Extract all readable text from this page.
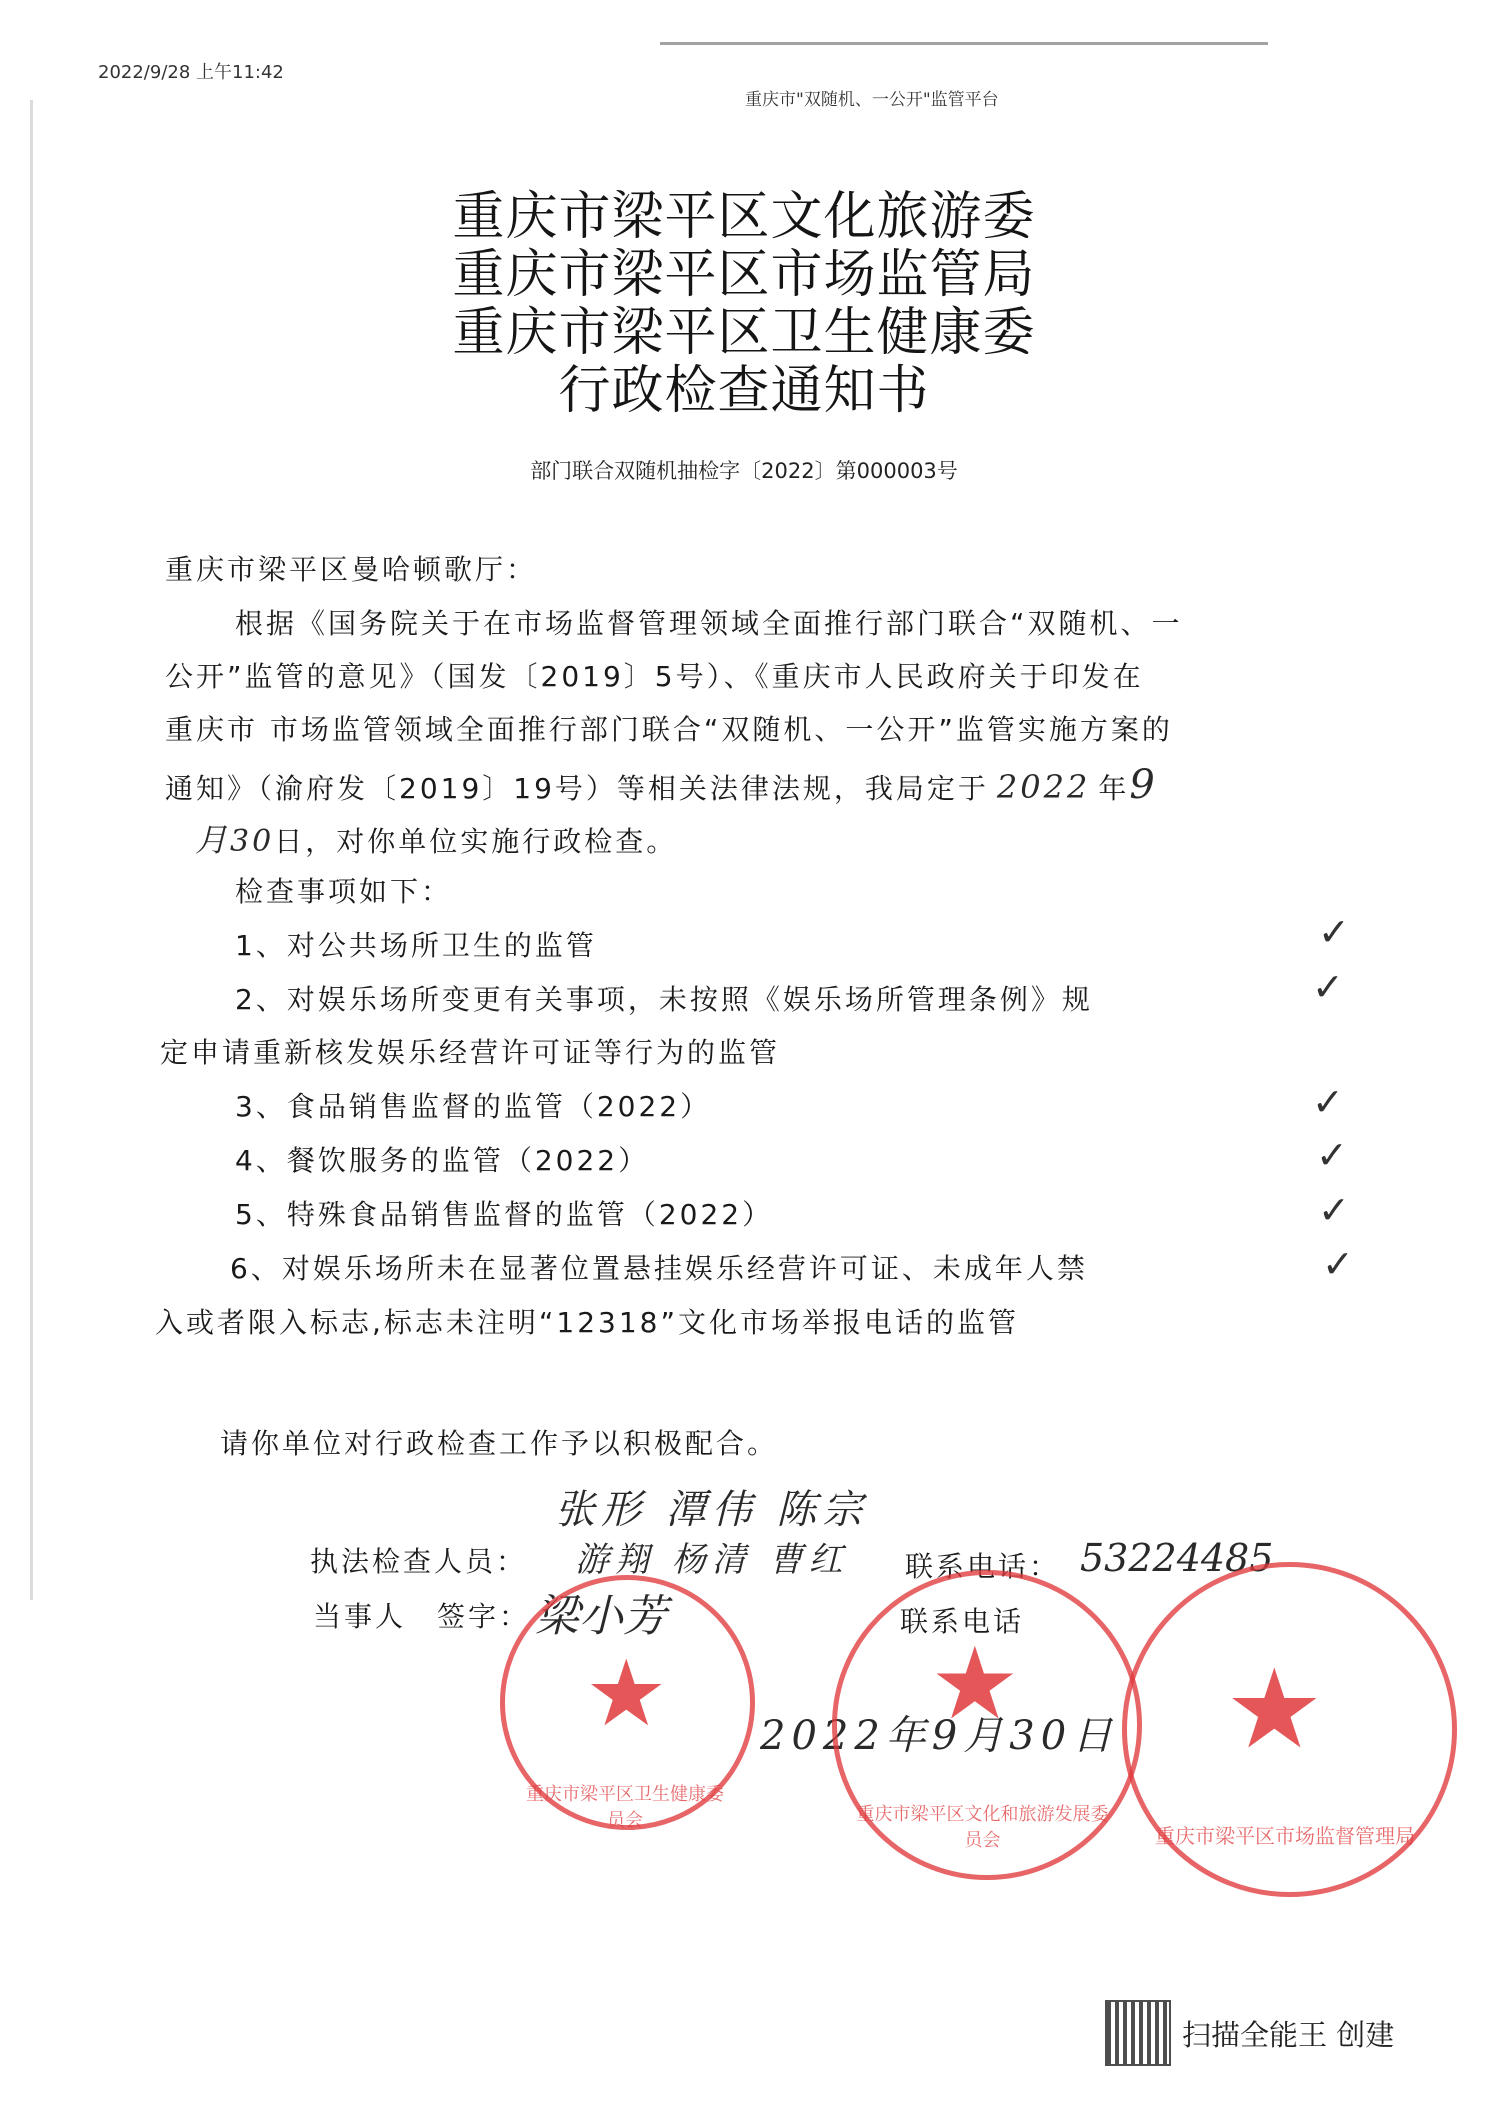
2022/9/28 上午11:42
重庆市"双随机、一公开"监管平台
重庆市梁平区文化旅游委
重庆市梁平区市场监管局
重庆市梁平区卫生健康委
行政检查通知书
部门联合双随机抽检字〔2022〕第000003号
重庆市梁平区曼哈顿歌厅：
根据《国务院关于在市场监督管理领域全面推行部门联合“双随机、一
公开”监管的意见》（国发〔2019〕5号）、《重庆市人民政府关于印发在
重庆市 市场监管领域全面推行部门联合“双随机、一公开”监管实施方案的
通知》（渝府发〔2019〕19号）等相关法律法规，我局定于 2022 年9
月30日，对你单位实施行政检查。
检查事项如下：
1、对公共场所卫生的监管
2、对娱乐场所变更有关事项，未按照《娱乐场所管理条例》规
定申请重新核发娱乐经营许可证等行为的监管
3、食品销售监督的监管（2022）
4、餐饮服务的监管（2022）
5、特殊食品销售监督的监管（2022）
6、对娱乐场所未在显著位置悬挂娱乐经营许可证、未成年人禁
入或者限入标志,标志未注明“12318”文化市场举报电话的监管
✓
✓
✓
✓
✓
✓
请你单位对行政检查工作予以积极配合。
张形 潭伟 陈宗
执法检查人员：	游翔 杨清 曹红 联系电话： 53224485
当事人　签字： 梁小芳	联系电话
2022年9月30日
★
重庆市梁平区卫生健康委员会
★
重庆市梁平区文化和旅游发展委员会
★
重庆市梁平区市场监督管理局
扫描全能王 创建
